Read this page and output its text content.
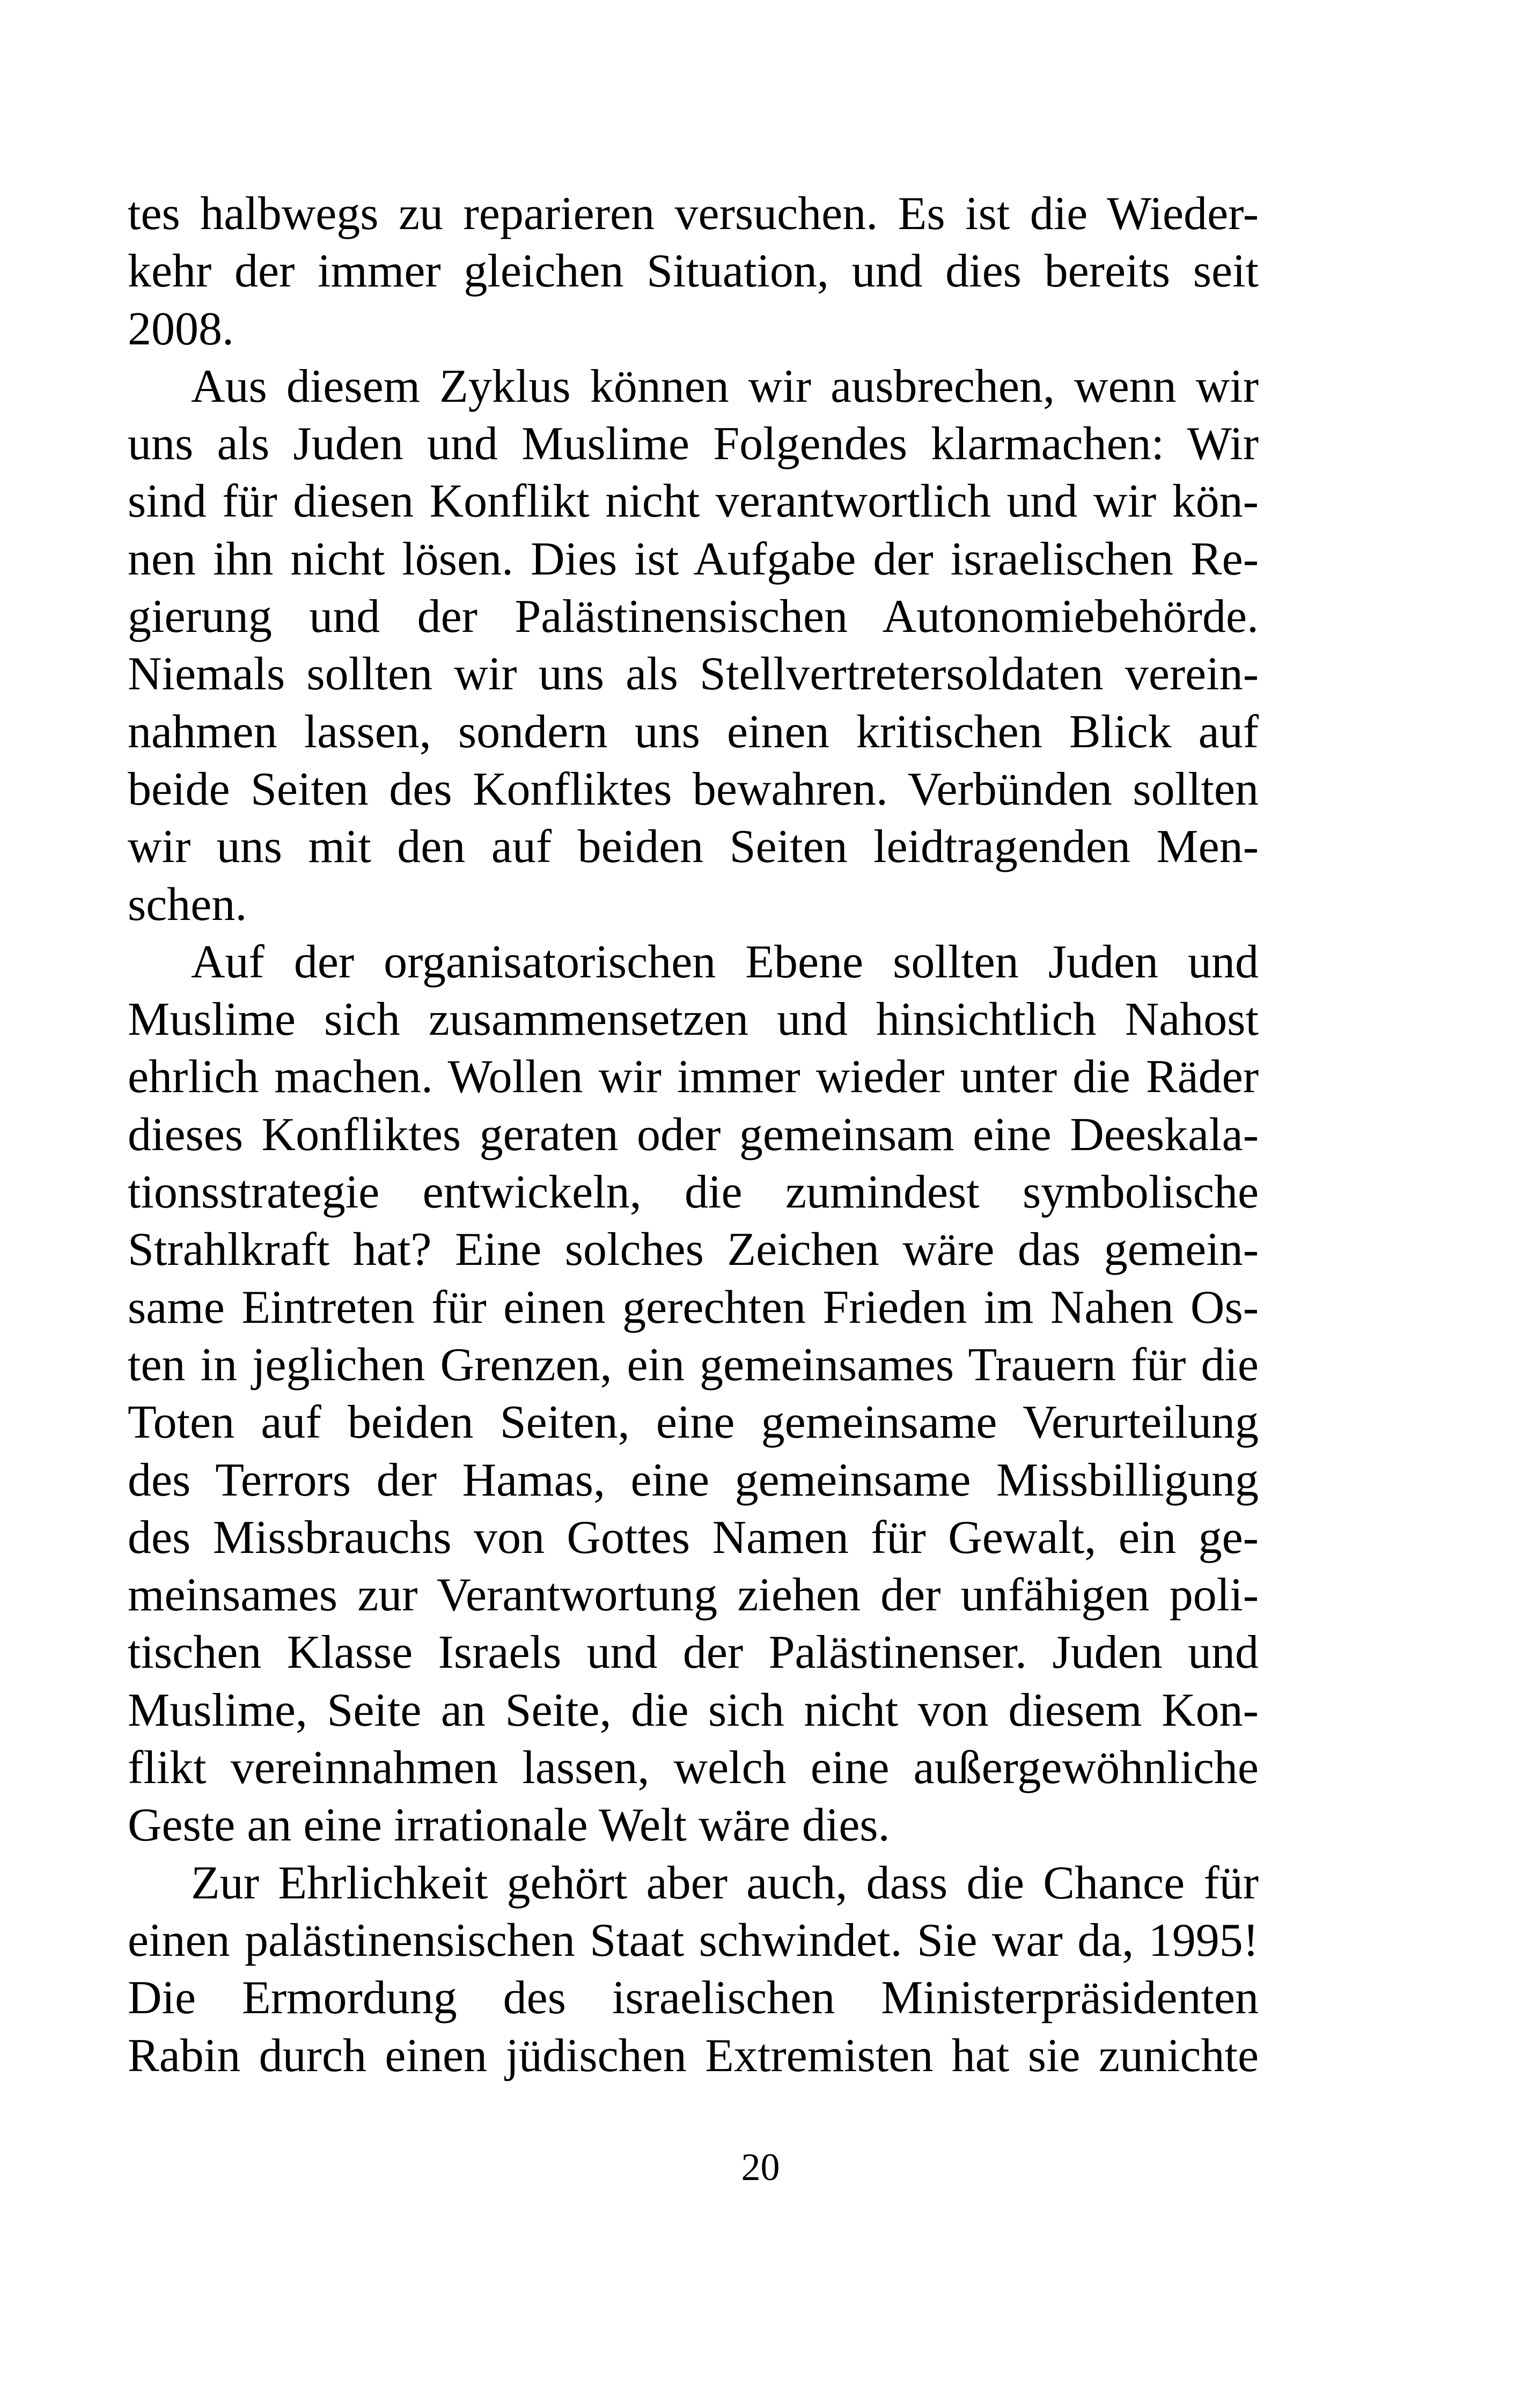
tes halbwegs zu reparieren versuchen. Es ist die Wieder-
kehr der immer gleichen Situation, und dies bereits seit
2008.
Aus diesem Zyklus können wir ausbrechen, wenn wir
uns als Juden und Muslime Folgendes klarmachen: Wir
sind für diesen Konflikt nicht verantwortlich und wir kön-
nen ihn nicht lösen. Dies ist Aufgabe der israelischen Re-
gierung und der Palästinensischen Autonomiebehörde.
Niemals sollten wir uns als Stellvertretersoldaten verein-
nahmen lassen, sondern uns einen kritischen Blick auf
beide Seiten des Konfliktes bewahren. Verbünden sollten
wir uns mit den auf beiden Seiten leidtragenden Men-
schen.
Auf der organisatorischen Ebene sollten Juden und
Muslime sich zusammensetzen und hinsichtlich Nahost
ehrlich machen. Wollen wir immer wieder unter die Räder
dieses Konfliktes geraten oder gemeinsam eine Deeskala-
tionsstrategie entwickeln, die zumindest symbolische
Strahlkraft hat? Eine solches Zeichen wäre das gemein-
same Eintreten für einen gerechten Frieden im Nahen Os-
ten in jeglichen Grenzen, ein gemeinsames Trauern für die
Toten auf beiden Seiten, eine gemeinsame Verurteilung
des Terrors der Hamas, eine gemeinsame Missbilligung
des Missbrauchs von Gottes Namen für Gewalt, ein ge-
meinsames zur Verantwortung ziehen der unfähigen poli-
tischen Klasse Israels und der Palästinenser. Juden und
Muslime, Seite an Seite, die sich nicht von diesem Kon-
flikt vereinnahmen lassen, welch eine außergewöhnliche
Geste an eine irrationale Welt wäre dies.
Zur Ehrlichkeit gehört aber auch, dass die Chance für
einen palästinensischen Staat schwindet. Sie war da, 1995!
Die Ermordung des israelischen Ministerpräsidenten
Rabin durch einen jüdischen Extremisten hat sie zunichte
20
